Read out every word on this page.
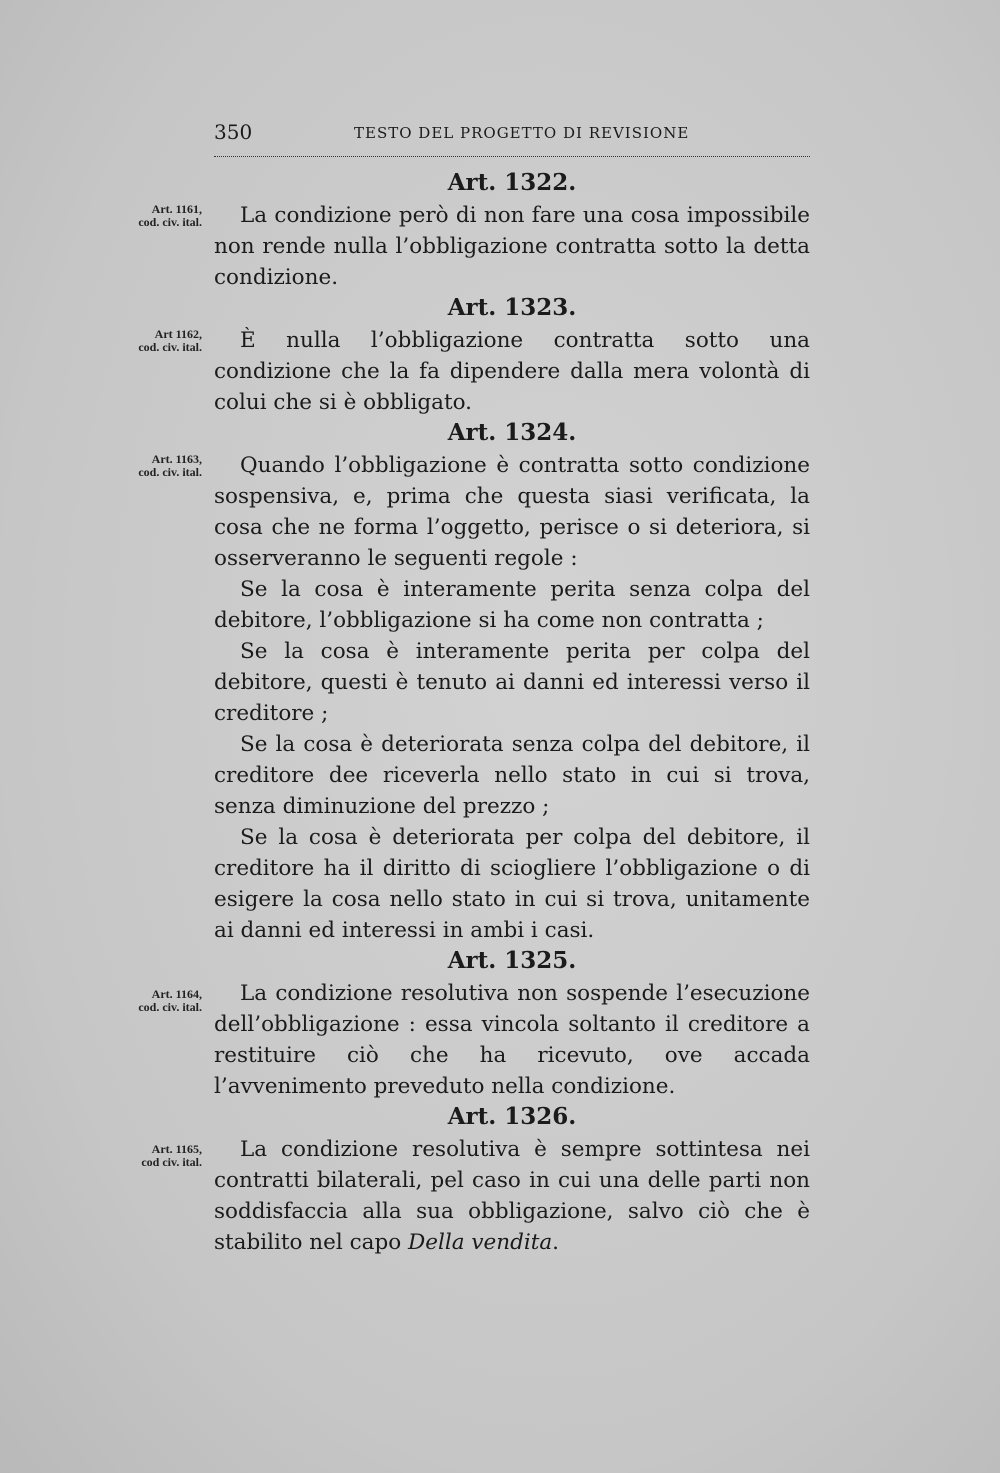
350	TESTO DEL PROGETTO DI REVISIONE
Art. 1161,
cod. civ. ital.
Art 1162,
cod. civ. ital.
Art. 1163,
cod. civ. ital.
Art. 1164,
cod. civ. ital.
Art. 1165,
cod civ. ital.
Art. 1322.

La condizione però di non fare una cosa impossibile non rende nulla l’obbligazione contratta sotto la detta condizione.

Art. 1323.

È nulla l’obbligazione contratta sotto una condizione che la fa dipendere dalla mera volontà di colui che si è obbligato.

Art. 1324.

Quando l’obbligazione è contratta sotto condizione sospensiva, e, prima che questa siasi verificata, la cosa che ne forma l’oggetto, perisce o si deteriora, si osserveranno le seguenti regole :

Se la cosa è interamente perita senza colpa del debitore, l’obbligazione si ha come non contratta ;

Se la cosa è interamente perita per colpa del debitore, questi è tenuto ai danni ed interessi verso il creditore ;

Se la cosa è deteriorata senza colpa del debitore, il creditore dee riceverla nello stato in cui si trova, senza diminuzione del prezzo ;

Se la cosa è deteriorata per colpa del debitore, il creditore ha il diritto di sciogliere l’obbligazione o di esigere la cosa nello stato in cui si trova, unitamente ai danni ed interessi in ambi i casi.

Art. 1325.

La condizione resolutiva non sospende l’esecuzione dell’obbligazione : essa vincola soltanto il creditore a restituire ciò che ha ricevuto, ove accada l’avvenimento preveduto nella condizione.

Art. 1326.

La condizione resolutiva è sempre sottintesa nei contratti bilaterali, pel caso in cui una delle parti non soddisfaccia alla sua obbligazione, salvo ciò che è stabilito nel capo Della vendita.
